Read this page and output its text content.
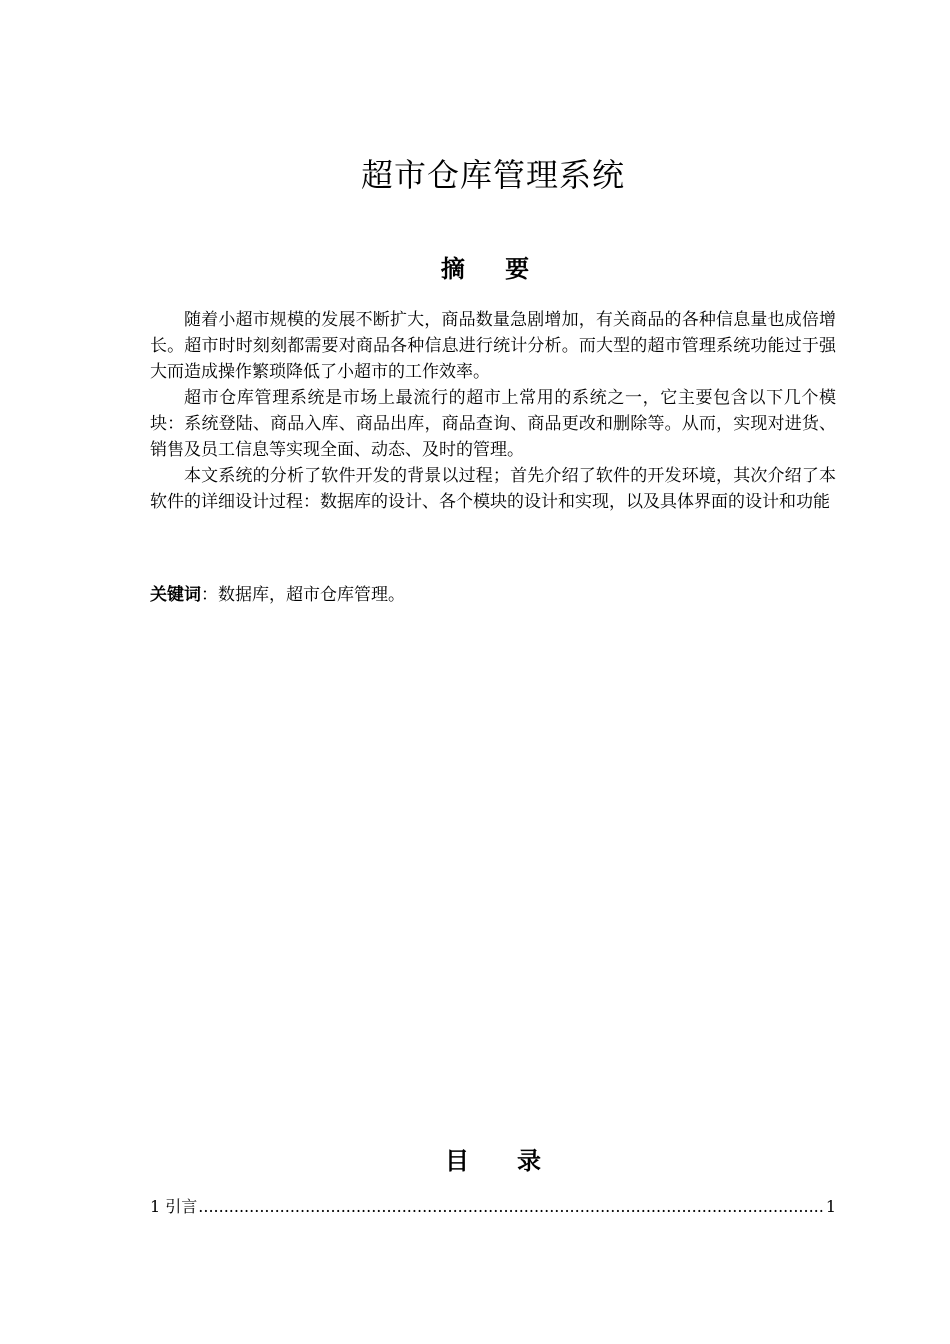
超市仓库管理系统
摘 要

随着小超市规模的发展不断扩大，商品数量急剧增加，有关商品的各种信息量也成倍增长。超市时时刻刻都需要对商品各种信息进行统计分析。而大型的超市管理系统功能过于强大而造成操作繁琐降低了小超市的工作效率。

超市仓库管理系统是市场上最流行的超市上常用的系统之一，它主要包含以下几个模块：系统登陆、商品入库、商品出库，商品查询、商品更改和删除等。从而，实现对进货、销售及员工信息等实现全面、动态、及时的管理。

本文系统的分析了软件开发的背景以过程；首先介绍了软件的开发环境，其次介绍了本软件的详细设计过程：数据库的设计、各个模块的设计和实现，以及具体界面的设计和功能

关键词：数据库，超市仓库管理。

目 录
1 引言
.....	1
